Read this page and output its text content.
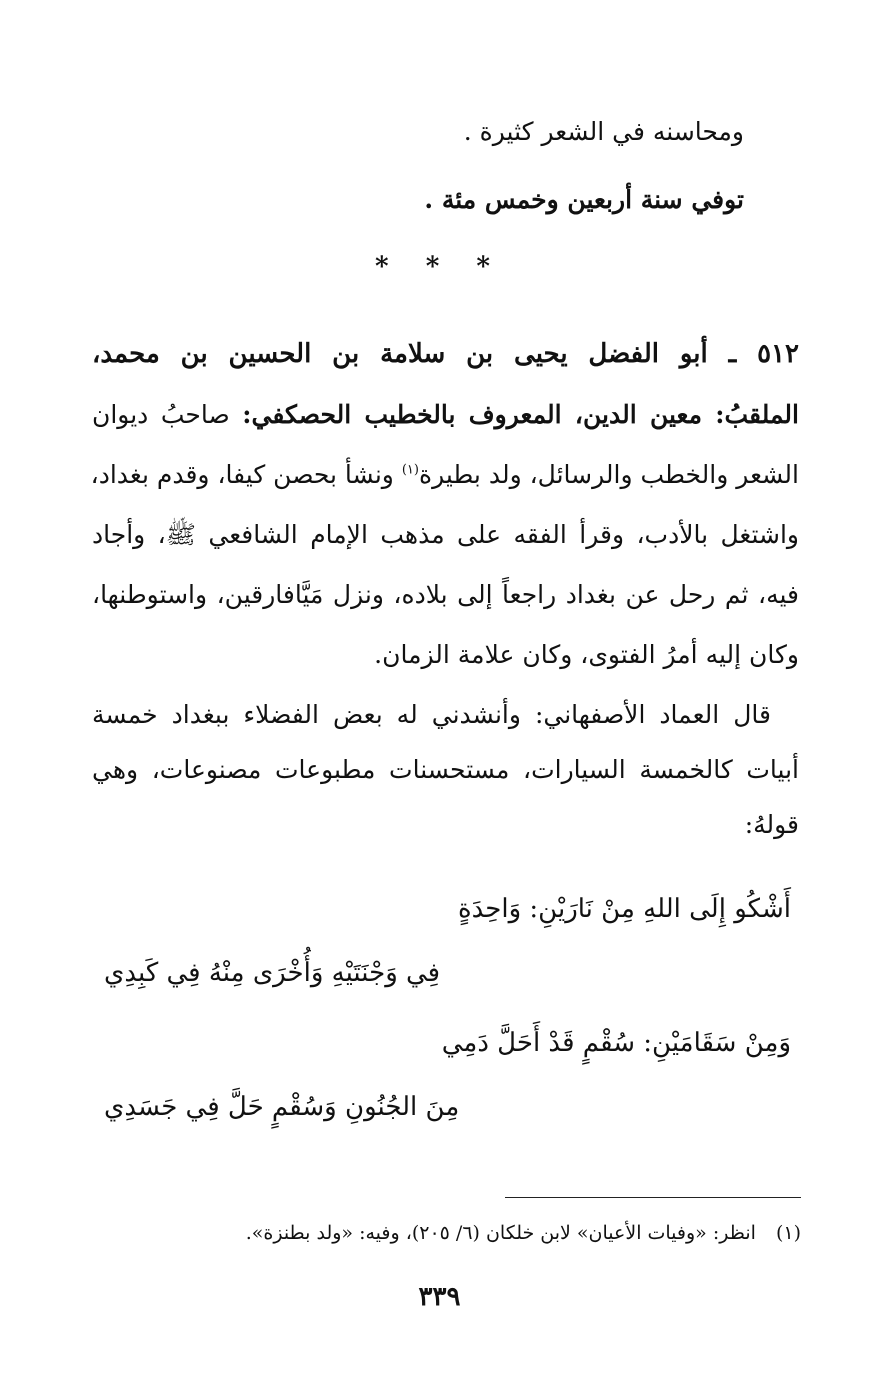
ومحاسنه في الشعر كثيرة .
توفي سنة أربعين وخمس مئة .
* * *
٥١٢ ـ أبو الفضل يحيى بن سلامة بن الحسين بن محمد،
الملقبُ: معين الدين، المعروف بالخطيب الحصكفي: صاحبُ ديوان
الشعر والخطب والرسائل، ولد بطيرة$^{(١)}$ ونشأ بحصن كيفا، وقدم بغداد،
واشتغل بالأدب، وقرأ الفقه على مذهب الإمام الشافعي ﷺ، وأجاد
فيه، ثم رحل عن بغداد راجعاً إلى بلاده، ونزل مَيَّافارقين، واستوطنها،
وكان إليه أمرُ الفتوى، وكان علامة الزمان.
قال العماد الأصفهاني: وأنشدني له بعض الفضلاء ببغداد خمسة
أبيات كالخمسة السيارات، مستحسنات مطبوعات مصنوعات، وهي
قولهُ:
أَشْكُو إِلَى اللهِ مِنْ نَارَيْنِ: وَاحِدَةٍ
فِي وَجْنَتَيْهِ وَأُخْرَى مِنْهُ فِي كَبِدِي
وَمِنْ سَقَامَيْنِ: سُقْمٍ قَدْ أَحَلَّ دَمِي
مِنَ الجُنُونِ وَسُقْمٍ حَلَّ فِي جَسَدِي
(١) انظر: «وفيات الأعيان» لابن خلكان (٦/ ٢٠٥)، وفيه: «ولد بطنزة».
٣٣٩
